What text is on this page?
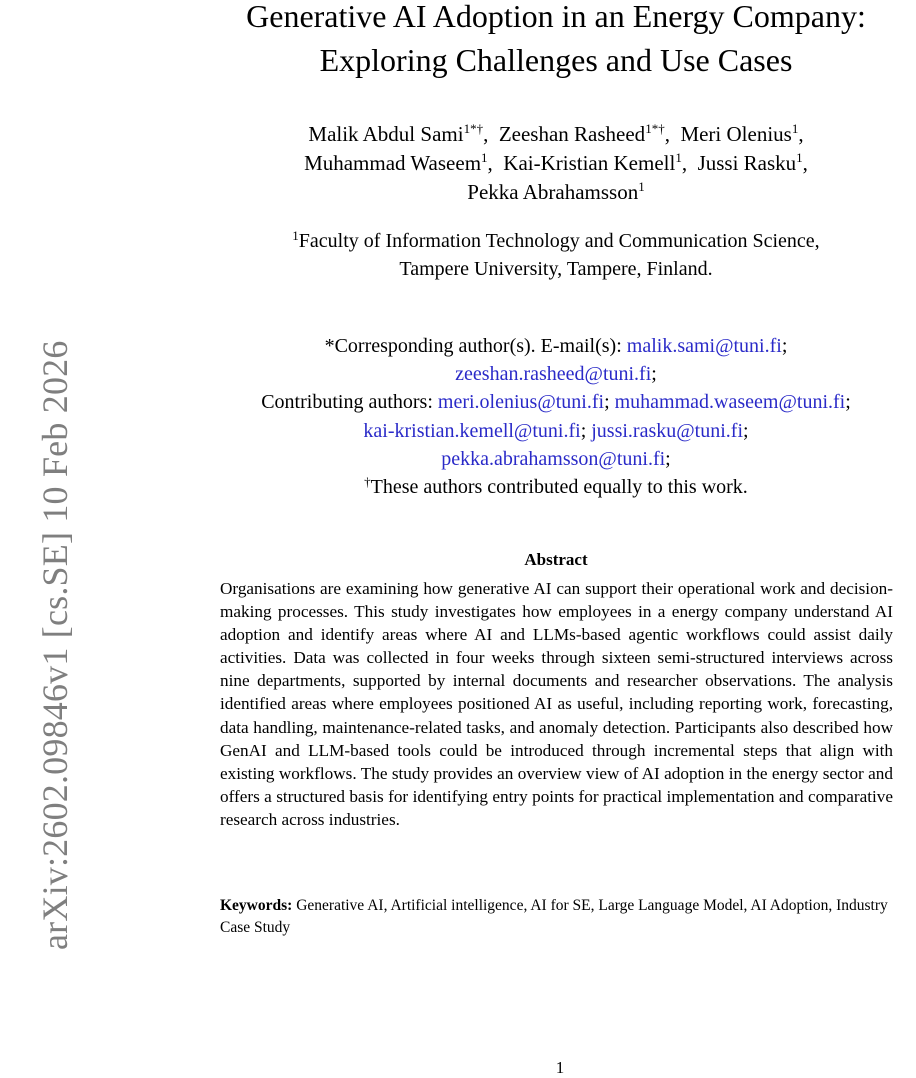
arXiv:2602.09846v1 [cs.SE] 10 Feb 2026
Generative AI Adoption in an Energy Company:
Exploring Challenges and Use Cases
Malik Abdul Sami$^{1*\dagger}$,  Zeeshan Rasheed$^{1*\dagger}$,  Meri Olenius$^1$,
Muhammad Waseem$^1$,  Kai-Kristian Kemell$^1$,  Jussi Rasku$^1$,
Pekka Abrahamsson$^1$
$^1$Faculty of Information Technology and Communication Science,
Tampere University, Tampere, Finland.
*Corresponding author(s). E-mail(s): malik.sami@tuni.fi;
zeeshan.rasheed@tuni.fi;
Contributing authors: meri.olenius@tuni.fi; muhammad.waseem@tuni.fi;
kai-kristian.kemell@tuni.fi; jussi.rasku@tuni.fi;
pekka.abrahamsson@tuni.fi;
†These authors contributed equally to this work.
Abstract
Organisations are examining how generative AI can support their operational work and decision-making processes. This study investigates how employees in a energy company understand AI adoption and identify areas where AI and LLMs-based agentic workflows could assist daily activities. Data was collected in four weeks through sixteen semi-structured interviews across nine departments, supported by internal documents and researcher observations. The analysis identified areas where employees positioned AI as useful, including reporting work, forecasting, data handling, maintenance-related tasks, and anomaly detection. Participants also described how GenAI and LLM-based tools could be introduced through incremental steps that align with existing workflows. The study provides an overview view of AI adoption in the energy sector and offers a structured basis for identifying entry points for practical implementation and comparative research across industries.
Keywords: Generative AI, Artificial intelligence, AI for SE, Large Language Model, AI Adoption, Industry Case Study
1
